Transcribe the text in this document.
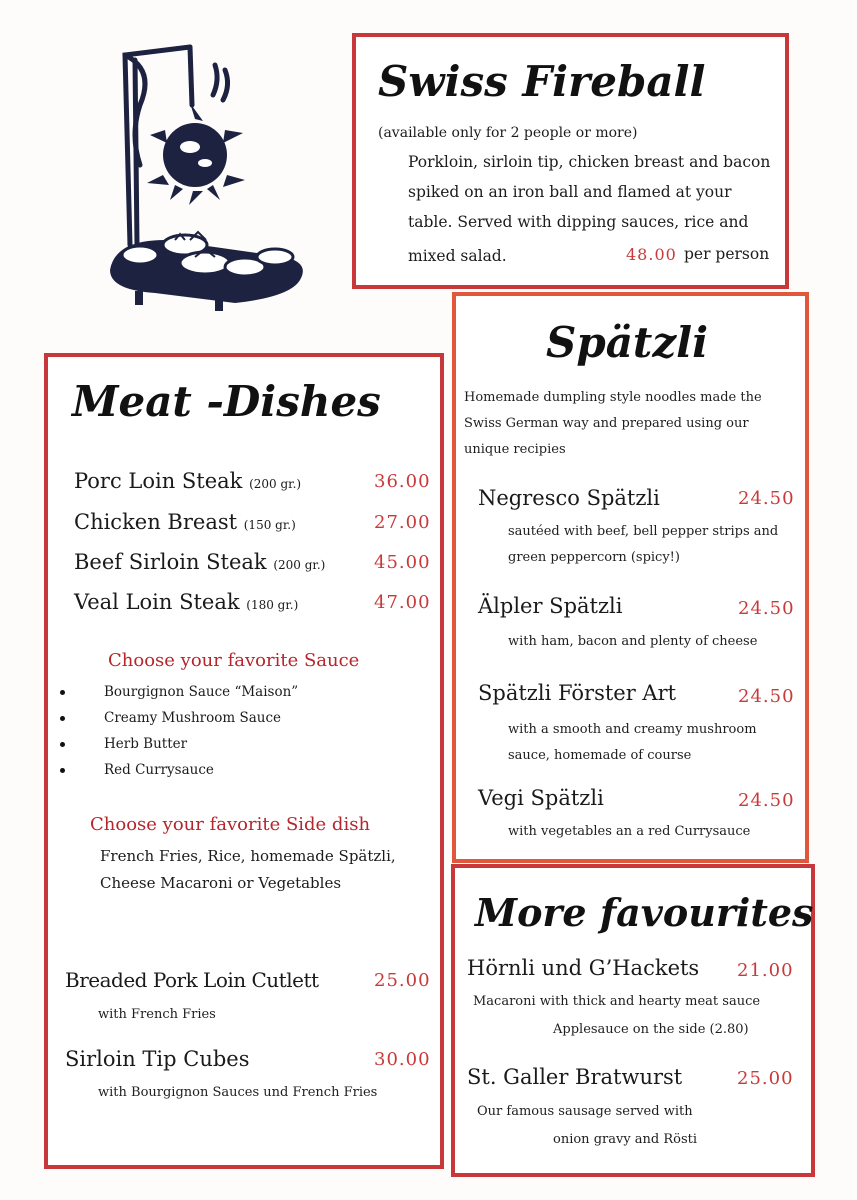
Swiss Fireball
(available only for 2 people or more)
Porkloin, sirloin tip, chicken breast and bacon
spiked on an iron ball and flamed at your
table. Served with dipping sauces, rice and
mixed salad.	48.00 per person
Meat -Dishes
Porc Loin Steak (200 gr.)	36.00
Chicken Breast (150 gr.)	27.00
Beef Sirloin Steak (200 gr.)	45.00
Veal Loin Steak (180 gr.)	47.00
Choose your favorite Sauce
Bourgignon Sauce “Maison”
Creamy Mushroom Sauce
Herb Butter
Red Currysauce
Choose your favorite Side dish
French Fries, Rice, homemade Spätzli,
Cheese Macaroni or Vegetables
Breaded Pork Loin Cutlett	25.00
with French Fries
Sirloin Tip Cubes	30.00
with Bourgignon Sauces und French Fries
Spätzli
Homemade dumpling style noodles made the
Swiss German way and prepared using our
unique recipies
Negresco Spätzli	24.50
sautéed with beef, bell pepper strips and
green peppercorn (spicy!)
Älpler Spätzli	24.50
with ham, bacon and plenty of cheese
Spätzli Förster Art	24.50
with a smooth and creamy mushroom
sauce, homemade of course
Vegi Spätzli	24.50
with vegetables an a red Currysauce
More favourites
Hörnli und G’Hackets 21.00
Macaroni with thick and hearty meat sauce
Applesauce on the side (2.80)
St. Galler Bratwurst	25.00
Our famous sausage served with
onion gravy and Rösti
